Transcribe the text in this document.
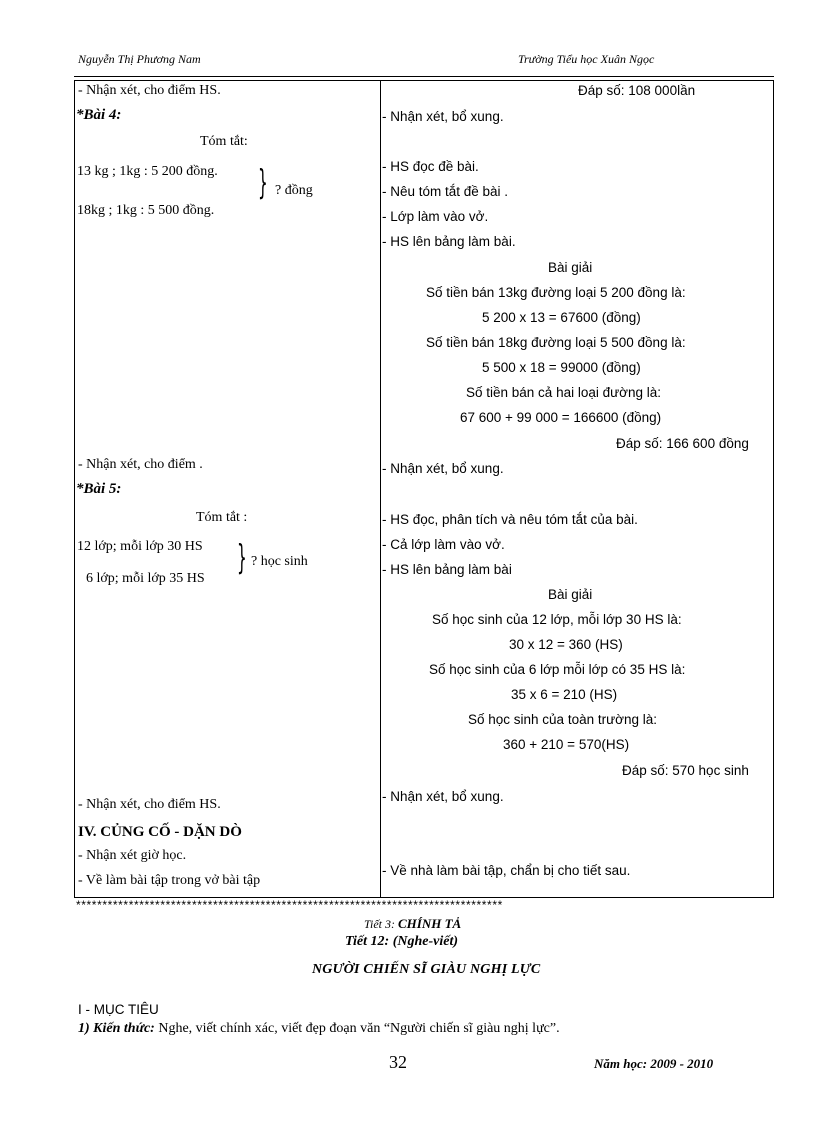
Nguyễn Thị Phương Nam	Trường Tiểu học Xuân Ngọc
- Nhận xét, cho điểm HS.
*Bài 4:
Tóm tắt:
13 kg ; 1kg : 5 200 đồng.
18kg ; 1kg : 5 500 đồng.
} ? đồng
- Nhận xét, cho điểm .
*Bài 5:
Tóm tắt :
12 lớp; mỗi lớp 30 HS
6 lớp; mỗi lớp 35 HS
} ? học sinh
- Nhận xét, cho điểm HS.
IV. CỦNG CỐ - DẶN DÒ
- Nhận xét giờ học.
- Về làm bài tập trong vở bài tập
Đáp số: 108 000lần
- Nhận xét, bổ xung.
- HS đọc đề bài.
- Nêu tóm tắt đề bài .
- Lớp làm vào vở.
- HS lên bảng làm bài.
Bài giải
Số tiền bán 13kg đường loại 5 200 đồng là:
5 200 x 13 = 67600 (đồng)
Số tiền bán 18kg đường loại 5 500 đồng là:
5 500 x 18 = 99000 (đồng)
Số tiền bán cả hai loại đường là:
67 600 + 99 000 = 166600 (đồng)
Đáp số: 166 600 đồng
- Nhận xét, bổ xung.
- HS đọc, phân tích và nêu tóm tắt của bài.
- Cả lớp làm vào vở.
- HS lên bảng làm bài
Bài giải
Số học sinh của 12 lớp, mỗi lớp 30 HS là:
30 x 12 = 360 (HS)
Số học sinh của 6 lớp mỗi lớp có 35 HS là:
35 x 6 = 210 (HS)
Số học sinh của toàn trường là:
360 + 210 = 570(HS)
Đáp số: 570 học sinh
- Nhận xét, bổ xung.
- Về nhà làm bài tập, chẩn bị cho tiết sau.
*********************************************************************************
Tiết 3: CHÍNH TẢ
Tiết 12: (Nghe-viết)
NGƯỜI CHIẾN SĨ GIÀU NGHỊ LỰC
I - MỤC TIÊU
1) Kiến thức: Nghe, viết chính xác, viết đẹp đoạn văn “Người chiến sĩ giàu nghị lực”.
32	Năm học: 2009 - 2010
